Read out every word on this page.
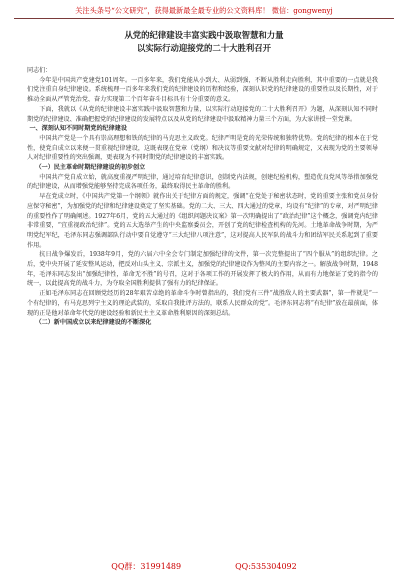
关注头条号“公文研究”，获得最新最全最专业的公文资料库！ 微信：gongwenyj
从党的纪律建设丰富实践中汲取智慧和力量
以实际行动迎接党的二十大胜利召开

同志们：

今年是中国共产党建党101周年。一百多年来，我们党能从小到大、从弱到强，不断从胜利走向胜利，其中重要的一点就是我们党注重自身纪律建设。系统梳理一百多年来我们党的纪律建设的历程和经验，深刻认识党的纪律建设的重要性以及长期性，对于推动全面从严管党治党、奋力实现第二个百年奋斗目标具有十分重要的意义。

下面，我就以《从党的纪律建设丰富实践中汲取智慧和力量，以实际行动迎接党的二十大胜利召开》为题，从深刻认知不同时期党的纪律建设、准确把握党的纪律建设的发展特点以及从党的纪律建设中汲取精神力量三个方面，为大家讲授一堂党课。

一、深刻认知不同时期党的纪律建设

中国共产党是一个具有崇高理想和铁的纪律的马克思主义政党。纪律严明是党的光荣传统和独特优势。党的纪律的根本在于党性，使党自成立以来便一贯重视纪律建设，这既表现在党章（党纲）和决议等重要文献对纪律的明确规定，又表现为党的主要领导人对纪律重要性的突出强调，更表现为不同时期党的纪律建设的丰富实践。

（一）民主革命时期纪律建设的初步创立

中国共产党自成立始，就高度重视严明纪律，通过培育纪律意识，创制党内法规，创建纪检机构，塑造优良党风等举措加强党的纪律建设，从而增强党能够坚持完成各项任务，最终取得民主革命的胜利。

早在党成立时，《中国共产党第一个纲领》就作出关于纪律方面的规定，强调“在党处于秘密状态时，党的重要主张和党员身份应保守秘密”，为加强党的纪律和纪律建设奠定了坚实基础。党的二大、三大、四大通过的党章，均设有“纪律”的专章，对严明纪律的重要性作了明确阐述。1927年6月，党的五大通过的《组织问题决议案》第一次明确提出了“政治纪律”这个概念，强调党内纪律非常重要，“宜重视政治纪律”。党的五大选举产生的中央监察委员会，开创了党的纪律检查机构的先河。土地革命战争时期，为严明党纪军纪，毛泽东同志强调部队行动中要自觉遵守“三大纪律八项注意”，这对提高人民军队的战斗力和团结军民关系起到了重要作用。

抗日战争爆发后，1938年9月，党的六届六中全会专门制定加强纪律的文件，第一次完整提出了“四个服从”的组织纪律。之后，党中央开展了延安整风运动，把反对山头主义、宗派主义，加强党的纪律建设作为整风的主要内容之一。解放战争时期，1948年，毛泽东同志发出“加强纪律性，革命无不胜”的号召，这对于各项工作的开展发挥了极大的作用，从而有力地保证了党的指令的统一，以此提高党的战斗力，为夺取全国胜利提供了强有力的纪律保证。

正如毛泽东同志在回顾党经历的28年艰苦卓绝的革命斗争时曾指出的，我们党有三件“战胜敌人的主要武器”，第一件就是“一个有纪律的，有马克思列宁主义的理论武装的，采取自我批评方法的，联系人民群众的党”。毛泽东同志将“有纪律”放在最前面，体现的正是他对革命年代党的建设经验和新民主主义革命胜利原因的深刻总结。

（二）新中国成立以来纪律建设的不断深化

QQ群：31991489	QQ:535304092
